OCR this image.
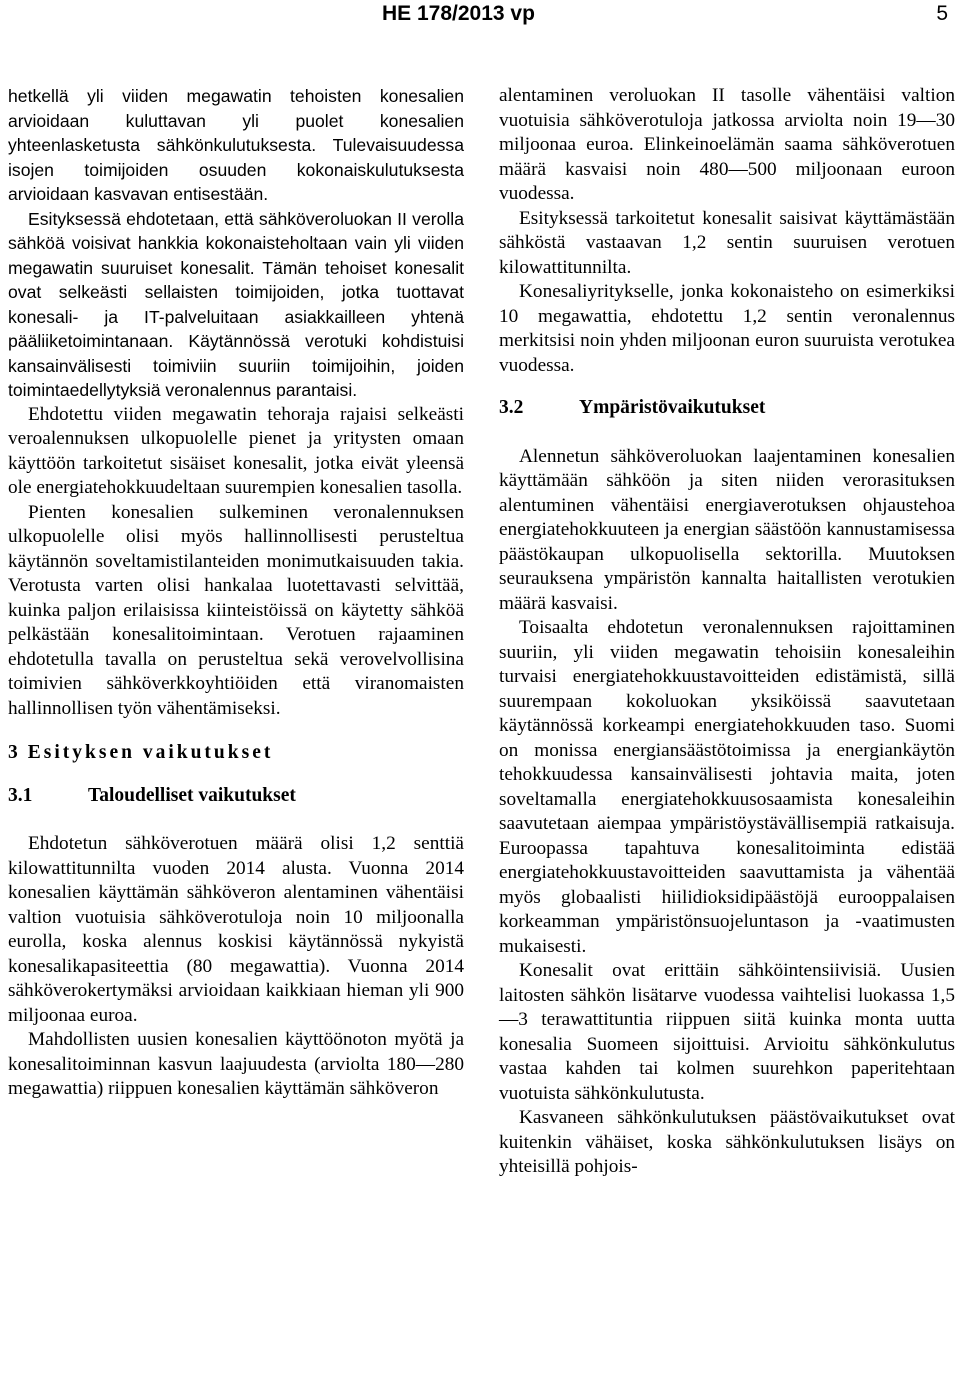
HE 178/2013 vp	5

hetkellä yli viiden megawatin tehoisten konesalien arvioidaan kuluttavan yli puolet konesalien yhteenlasketusta sähkönkulutuksesta. Tulevaisuudessa isojen toimijoiden osuuden kokonaiskulutuksesta arvioidaan kasvavan entisestään.

Esityksessä ehdotetaan, että sähköveroluokan II verolla sähköä voisivat hankkia kokonaisteholtaan vain yli viiden megawatin suuruiset konesalit. Tämän tehoiset konesalit ovat selkeästi sellaisten toimijoiden, jotka tuottavat konesali- ja IT-palveluitaan asiakkailleen yhtenä pääliiketoimintanaan. Käytännössä verotuki kohdistuisi kansainvälisesti toimiviin suuriin toimijoihin, joiden toimintaedellytyksiä veronalennus parantaisi.

Ehdotettu viiden megawatin tehoraja rajaisi selkeästi veroalennuksen ulkopuolelle pienet ja yritysten omaan käyttöön tarkoitetut sisäiset konesalit, jotka eivät yleensä ole energiatehokkuudeltaan suurempien konesalien tasolla.

Pienten konesalien sulkeminen veronalennuksen ulkopuolelle olisi myös hallinnollisesti perusteltua käytännön soveltamistilanteiden monimutkaisuuden takia. Verotusta varten olisi hankalaa luotettavasti selvittää, kuinka paljon erilaisissa kiinteistöissä on käytetty sähköä pelkästään konesalitoimintaan. Verotuen rajaaminen ehdotetulla tavalla on perusteltua sekä verovelvollisina toimivien sähköverkkoyhtiöiden että viranomaisten hallinnollisen työn vähentämiseksi.

3 Esityksen vaikutukset
3.1	Taloudelliset vaikutukset

Ehdotetun sähköverotuen määrä olisi 1,2 senttiä kilowattitunnilta vuoden 2014 alusta. Vuonna 2014 konesalien käyttämän sähköveron alentaminen vähentäisi valtion vuotuisia sähköverotuloja noin 10 miljoonalla eurolla, koska alennus koskisi käytännössä nykyistä konesalikapasiteettia (80 megawattia). Vuonna 2014 sähköverokertymäksi arvioidaan kaikkiaan hieman yli 900 miljoonaa euroa.

Mahdollisten uusien konesalien käyttöönoton myötä ja konesalitoiminnan kasvun laajuudesta (arviolta 180—280 megawattia) riippuen konesalien käyttämän sähköveron

alentaminen veroluokan II tasolle vähentäisi valtion vuotuisia sähköverotuloja jatkossa arviolta noin 19—30 miljoonaa euroa. Elinkeinoelämän saama sähköverotuen määrä kasvaisi noin 480—500 miljoonaan euroon vuodessa.

Esityksessä tarkoitetut konesalit saisivat käyttämästään sähköstä vastaavan 1,2 sentin suuruisen verotuen kilowattitunnilta.

Konesaliyritykselle, jonka kokonaisteho on esimerkiksi 10 megawattia, ehdotettu 1,2 sentin veronalennus merkitsisi noin yhden miljoonan euron suuruista verotukea vuodessa.

3.2	Ympäristövaikutukset

Alennetun sähköveroluokan laajentaminen konesalien käyttämään sähköön ja siten niiden verorasituksen alentuminen vähentäisi energiaverotuksen ohjaustehoa energiatehokkuuteen ja energian säästöön kannustamisessa päästökaupan ulkopuolisella sektorilla. Muutoksen seurauksena ympäristön kannalta haitallisten verotukien määrä kasvaisi.

Toisaalta ehdotetun veronalennuksen rajoittaminen suuriin, yli viiden megawatin tehoisiin konesaleihin turvaisi energiatehokkuustavoitteiden edistämistä, sillä suurempaan kokoluokan yksiköissä saavutetaan käytännössä korkeampi energiatehokkuuden taso. Suomi on monissa energiansäästötoimissa ja energiankäytön tehokkuudessa kansainvälisesti johtavia maita, joten soveltamalla energiatehokkuusosaamista konesaleihin saavutetaan aiempaa ympäristöystävällisempiä ratkaisuja. Euroopassa tapahtuva konesalitoiminta edistää energiatehokkuustavoitteiden saavuttamista ja vähentää myös globaalisti hiilidioksidipäästöjä eurooppalaisen korkeamman ympäristönsuojeluntason ja -vaatimusten mukaisesti.

Konesalit ovat erittäin sähköintensiivisiä. Uusien laitosten sähkön lisätarve vuodessa vaihtelisi luokassa 1,5—3 terawattituntia riippuen siitä kuinka monta uutta konesalia Suomeen sijoittuisi. Arvioitu sähkönkulutus vastaa kahden tai kolmen suurehkon paperitehtaan vuotuista sähkönkulutusta.

Kasvaneen sähkönkulutuksen päästövaikutukset ovat kuitenkin vähäiset, koska sähkönkulutuksen lisäys on yhteisillä pohjois-
